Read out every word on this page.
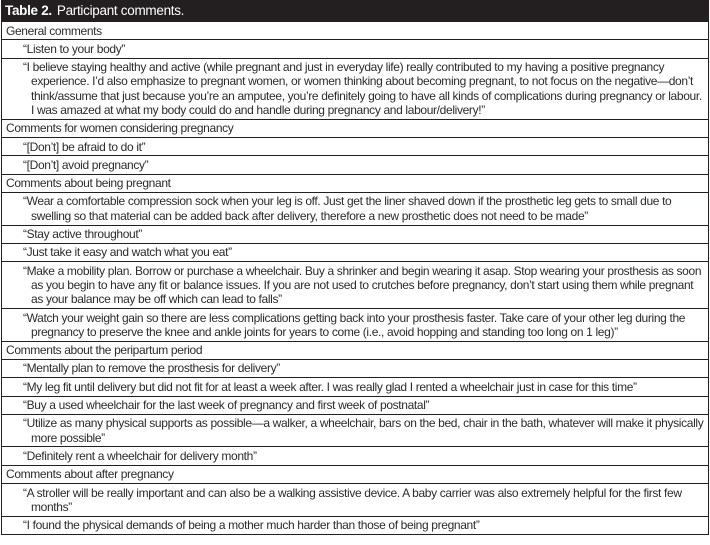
Table 2. Participant comments.
General comments
“Listen to your body”
“I believe staying healthy and active (while pregnant and just in everyday life) really contributed to my having a positive pregnancy experience. I’d also emphasize to pregnant women, or women thinking about becoming pregnant, to not focus on the negative—don’t think/assume that just because you’re an amputee, you’re definitely going to have all kinds of complications during pregnancy or labour. I was amazed at what my body could do and handle during pregnancy and labour/delivery!”
Comments for women considering pregnancy
“[Don’t] be afraid to do it”
“[Don’t] avoid pregnancy”
Comments about being pregnant
“Wear a comfortable compression sock when your leg is off. Just get the liner shaved down if the prosthetic leg gets to small due to swelling so that material can be added back after delivery, therefore a new prosthetic does not need to be made”
“Stay active throughout”
“Just take it easy and watch what you eat”
“Make a mobility plan. Borrow or purchase a wheelchair. Buy a shrinker and begin wearing it asap. Stop wearing your prosthesis as soon as you begin to have any fit or balance issues. If you are not used to crutches before pregnancy, don’t start using them while pregnant as your balance may be off which can lead to falls”
“Watch your weight gain so there are less complications getting back into your prosthesis faster. Take care of your other leg during the pregnancy to preserve the knee and ankle joints for years to come (i.e., avoid hopping and standing too long on 1 leg)”
Comments about the peripartum period
“Mentally plan to remove the prosthesis for delivery”
“My leg fit until delivery but did not fit for at least a week after. I was really glad I rented a wheelchair just in case for this time”
“Buy a used wheelchair for the last week of pregnancy and first week of postnatal”
“Utilize as many physical supports as possible—a walker, a wheelchair, bars on the bed, chair in the bath, whatever will make it physically more possible”
“Definitely rent a wheelchair for delivery month”
Comments about after pregnancy
“A stroller will be really important and can also be a walking assistive device. A baby carrier was also extremely helpful for the first few months”
“I found the physical demands of being a mother much harder than those of being pregnant”
